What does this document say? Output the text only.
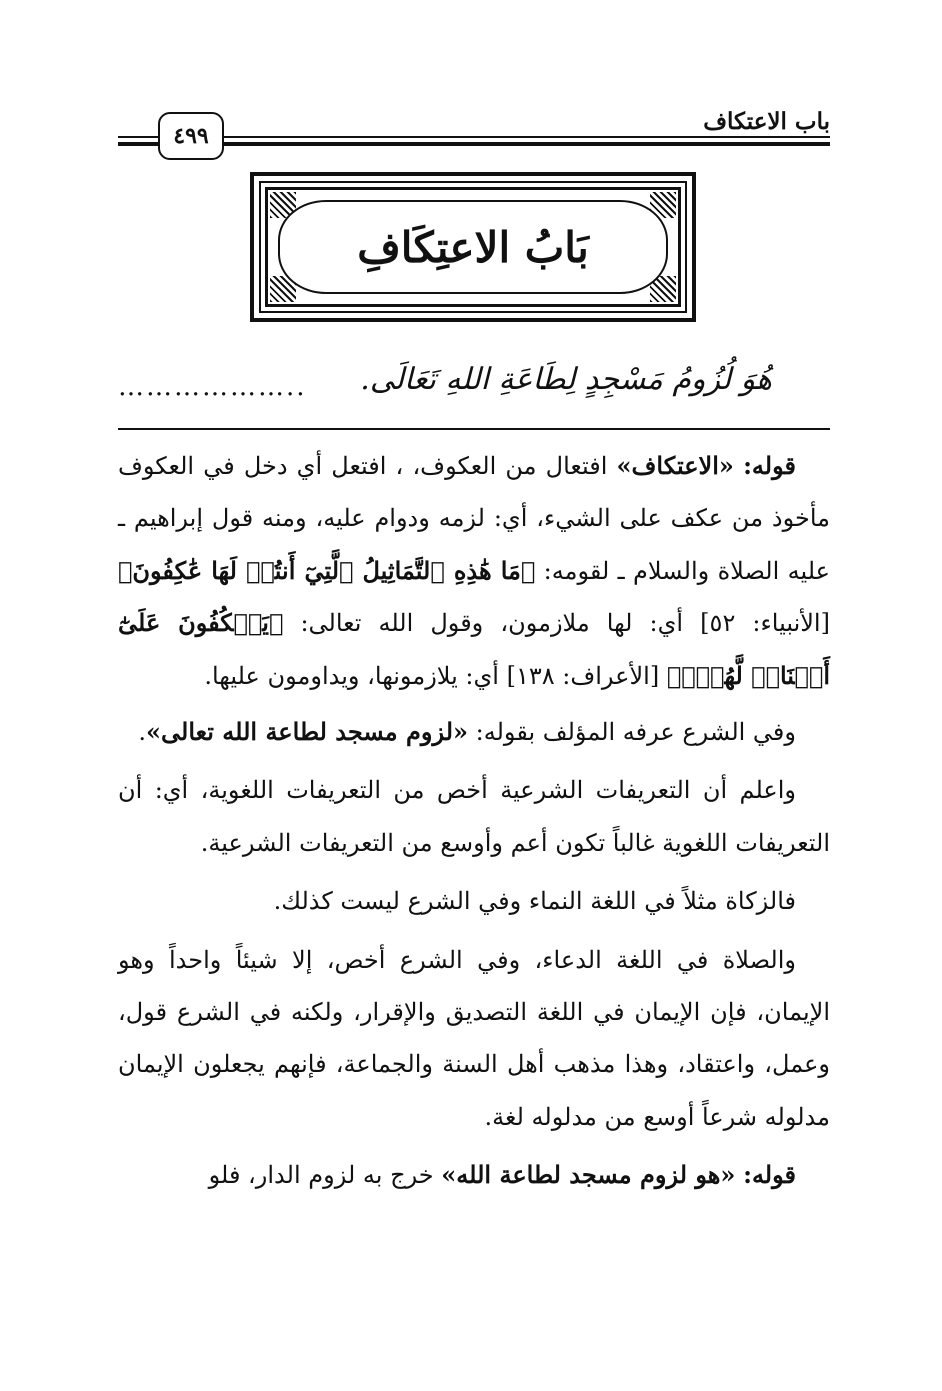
باب الاعتكاف
٤٩٩
بَابُ الاعتِكَافِ
هُوَ لُزُومُ مَسْجِدٍ لِطَاعَةِ اللهِ تَعَالَى.
………………..

قوله: «الاعتكاف» افتعال من العكوف، ، افتعل أي دخل في العكوف مأخوذ من عكف على الشيء، أي: لزمه ودوام عليه، ومنه قول إبراهيم ـ عليه الصلاة والسلام ـ لقومه: ﴿مَا هَٰذِهِ ٱلتَّمَاثِيلُ ٱلَّتِيٓ أَنتُمۡ لَهَا عَٰكِفُونَ﴾ [الأنبياء: ٥٢] أي: لها ملازمون، وقول الله تعالى: ﴿يَعۡكُفُونَ عَلَىٰٓ أَصۡنَامٖ لَّهُمۡۚ﴾ [الأعراف: ١٣٨] أي: يلازمونها، ويداومون عليها.

وفي الشرع عرفه المؤلف بقوله: «لزوم مسجد لطاعة الله تعالى».

واعلم أن التعريفات الشرعية أخص من التعريفات اللغوية، أي: أن التعريفات اللغوية غالباً تكون أعم وأوسع من التعريفات الشرعية.

فالزكاة مثلاً في اللغة النماء وفي الشرع ليست كذلك.

والصلاة في اللغة الدعاء، وفي الشرع أخص، إلا شيئاً واحداً وهو الإيمان، فإن الإيمان في اللغة التصديق والإقرار، ولكنه في الشرع قول، وعمل، واعتقاد، وهذا مذهب أهل السنة والجماعة، فإنهم يجعلون الإيمان مدلوله شرعاً أوسع من مدلوله لغة.

قوله: «هو لزوم مسجد لطاعة الله» خرج به لزوم الدار، فلو
